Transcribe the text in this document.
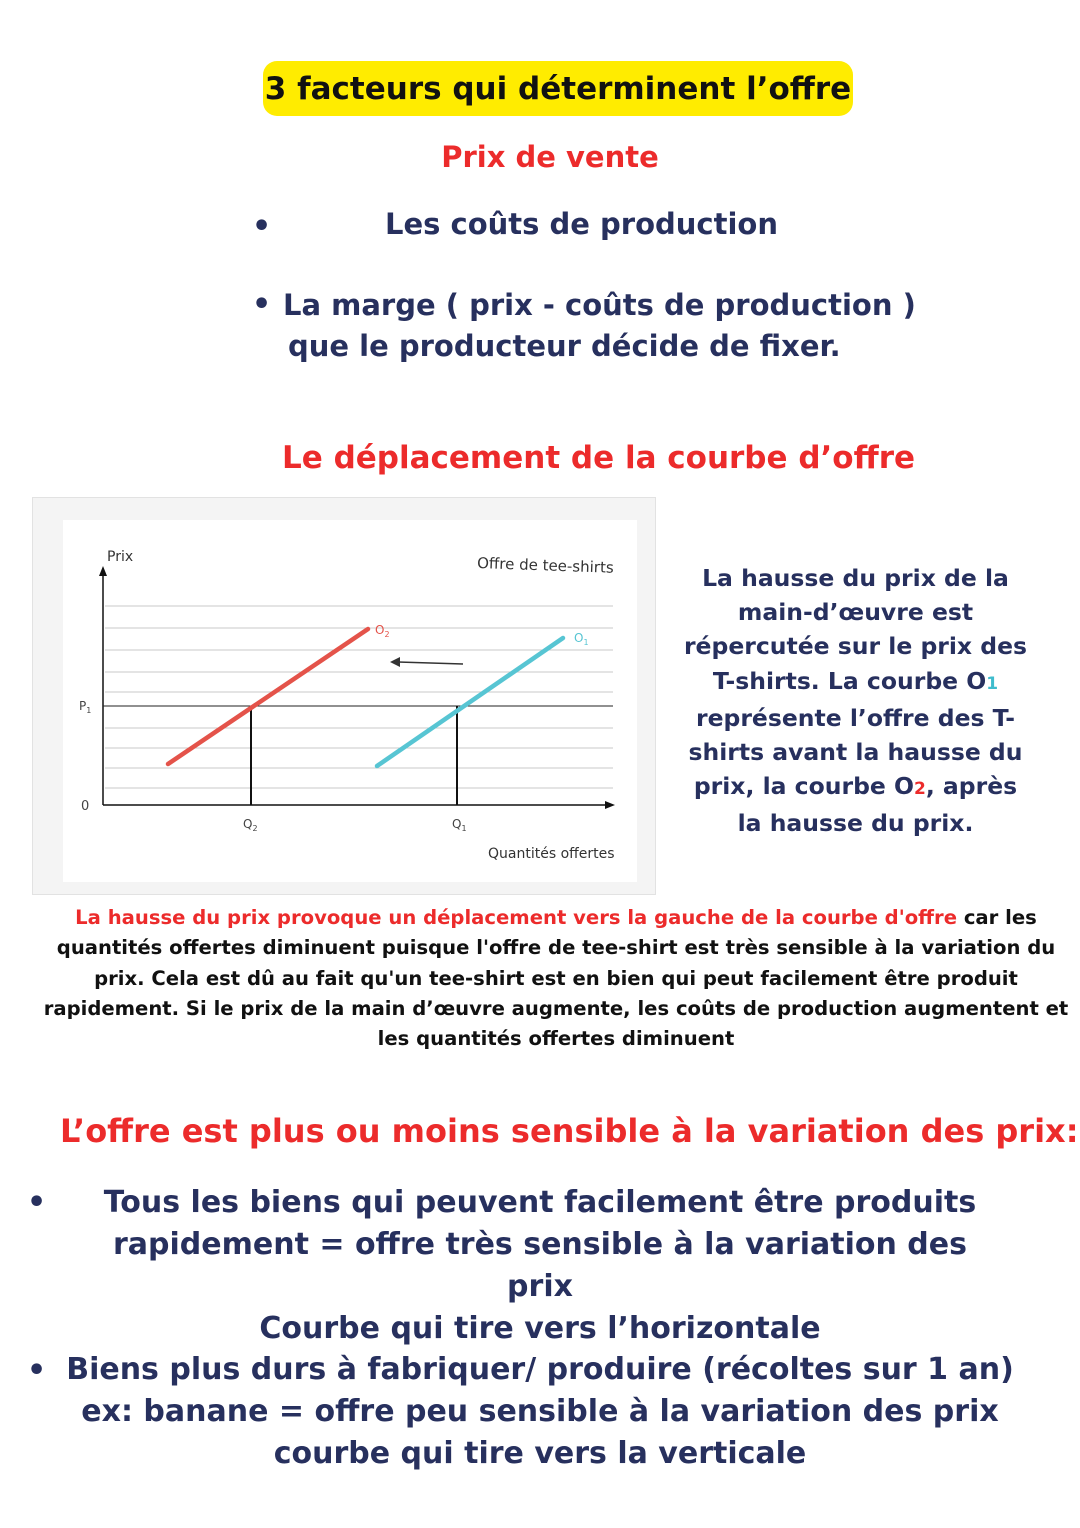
3 facteurs qui déterminent l’offre
Prix de vente
•	Les coûts de production
• La marge ( prix - coûts de production )
que le producteur décide de fixer.
Le déplacement de la courbe d’offre
Prix	Offre de tee-shirts
Quantités offertes
0
$P_1$
$Q_2$	$Q_1$
$O_2$	$O_1$
La hausse du prix de la main-d’œuvre est répercutée sur le prix des T-shirts. La courbe O1 représente l’offre des T-shirts avant la hausse du prix, la courbe O2, après la hausse du prix.
La hausse du prix provoque un déplacement vers la gauche de la courbe d'offre car les quantités offertes diminuent puisque l'offre de tee-shirt est très sensible à la variation du prix. Cela est dû au fait qu'un tee-shirt est en bien qui peut facilement être produit rapidement. Si le prix de la main d’œuvre augmente, les coûts de production augmentent et les quantités offertes diminuent
L’offre est plus ou moins sensible à la variation des prix:
•	Tous les biens qui peuvent facilement être produits
rapidement = offre très sensible à la variation des prix
Courbe qui tire vers l’horizontale
• Biens plus durs à fabriquer/ produire (récoltes sur 1 an)
ex: banane = offre peu sensible à la variation des prix
courbe qui tire vers la verticale
